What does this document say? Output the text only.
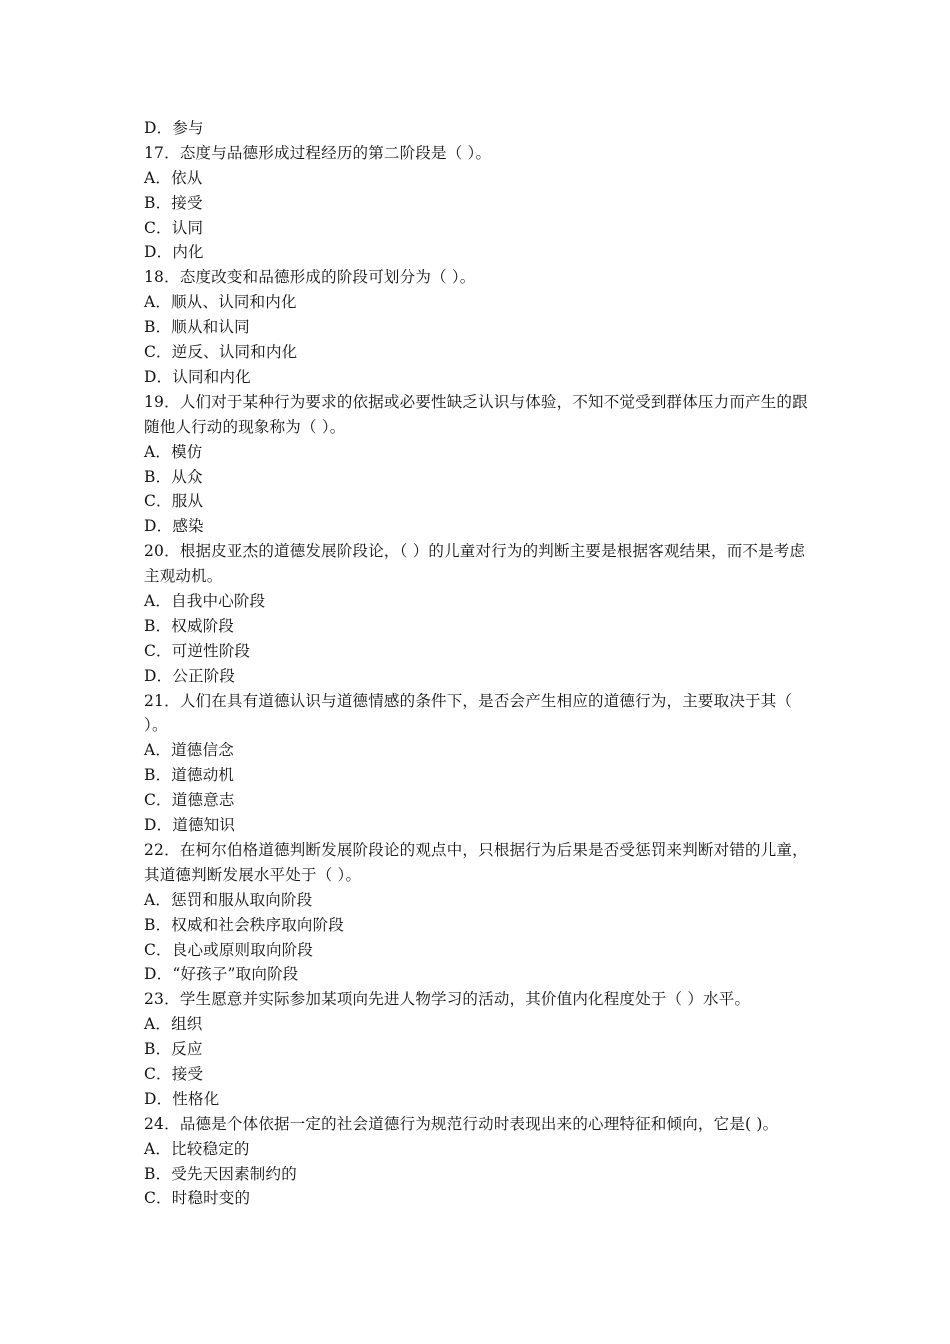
D．参与
17．态度与品德形成过程经历的第二阶段是（ ）。
A．依从
B．接受
C．认同
D．内化
18．态度改变和品德形成的阶段可划分为（ ）。
A．顺从、认同和内化
B．顺从和认同
C．逆反、认同和内化
D．认同和内化
19．人们对于某种行为要求的依据或必要性缺乏认识与体验，不知不觉受到群体压力而产生的跟随他人行动的现象称为（ ）。
A．模仿
B．从众
C．服从
D．感染
20．根据皮亚杰的道德发展阶段论，（ ）的儿童对行为的判断主要是根据客观结果，而不是考虑主观动机。
A．自我中心阶段
B．权威阶段
C．可逆性阶段
D．公正阶段
21．人们在具有道德认识与道德情感的条件下，是否会产生相应的道德行为，主要取决于其（ ）。
A．道德信念
B．道德动机
C．道德意志
D．道德知识
22．在柯尔伯格道德判断发展阶段论的观点中，只根据行为后果是否受惩罚来判断对错的儿童，其道德判断发展水平处于（ ）。
A．惩罚和服从取向阶段
B．权威和社会秩序取向阶段
C．良心或原则取向阶段
D．“好孩子”取向阶段
23．学生愿意并实际参加某项向先进人物学习的活动，其价值内化程度处于（ ）水平。
A．组织
B．反应
C．接受
D．性格化
24．品德是个体依据一定的社会道德行为规范行动时表现出来的心理特征和倾向，它是( )。
A．比较稳定的
B．受先天因素制约的
C．时稳时变的
